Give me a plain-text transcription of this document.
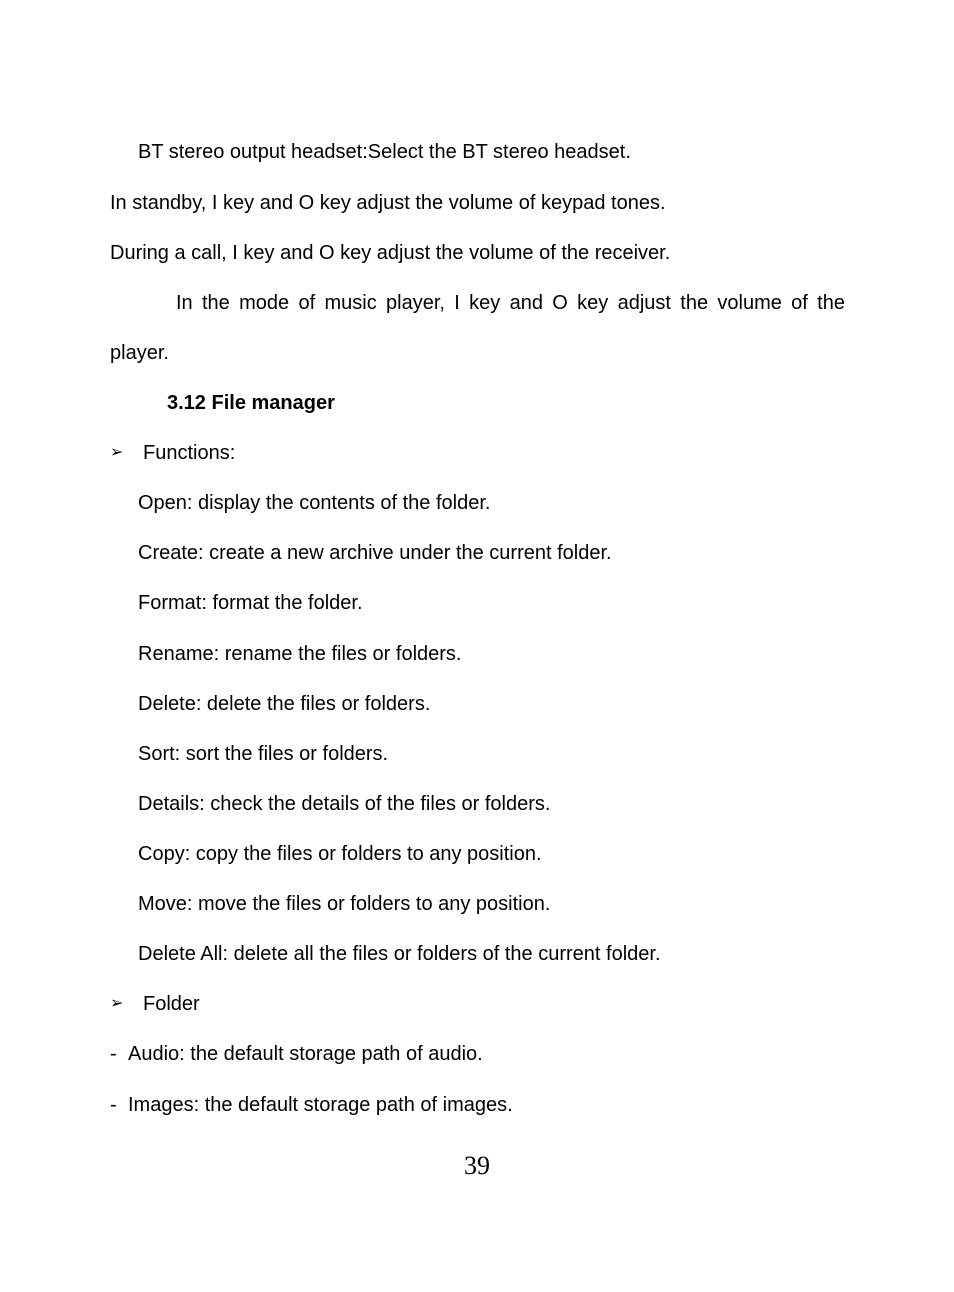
BT stereo output headset:Select the BT stereo headset.
In standby, I key and O key adjust the volume of keypad tones.
During a call, I key and O key adjust the volume of the receiver.
In the mode of music player, I key and O key adjust the volume of the
player.
3.12 File manager
➢ Functions:
Open: display the contents of the folder.
Create: create a new archive under the current folder.
Format: format the folder.
Rename: rename the files or folders.
Delete: delete the files or folders.
Sort: sort the files or folders.
Details: check the details of the files or folders.
Copy: copy the files or folders to any position.
Move: move the files or folders to any position.
Delete All: delete all the files or folders of the current folder.
➢ Folder
- Audio: the default storage path of audio.
- Images: the default storage path of images.
39
